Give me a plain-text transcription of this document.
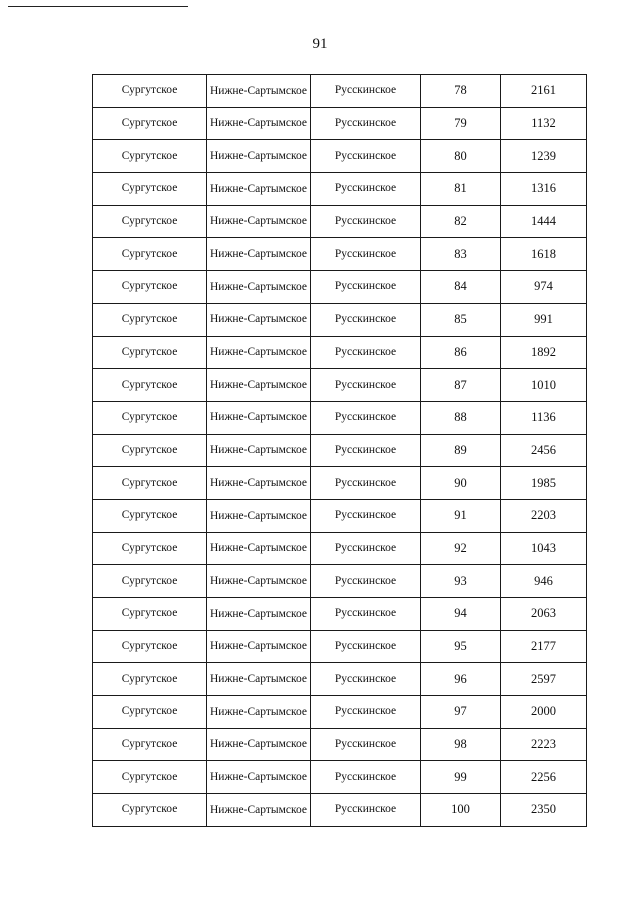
91
Сургутское	Нижне-Сартымское	Русскинское	78	2161
Сургутское	Нижне-Сартымское	Русскинское	79	1132
Сургутское	Нижне-Сартымское	Русскинское	80	1239
Сургутское	Нижне-Сартымское	Русскинское	81	1316
Сургутское	Нижне-Сартымское	Русскинское	82	1444
Сургутское	Нижне-Сартымское	Русскинское	83	1618
Сургутское	Нижне-Сартымское	Русскинское	84	974
Сургутское	Нижне-Сартымское	Русскинское	85	991
Сургутское	Нижне-Сартымское	Русскинское	86	1892
Сургутское	Нижне-Сартымское	Русскинское	87	1010
Сургутское	Нижне-Сартымское	Русскинское	88	1136
Сургутское	Нижне-Сартымское	Русскинское	89	2456
Сургутское	Нижне-Сартымское	Русскинское	90	1985
Сургутское	Нижне-Сартымское	Русскинское	91	2203
Сургутское	Нижне-Сартымское	Русскинское	92	1043
Сургутское	Нижне-Сартымское	Русскинское	93	946
Сургутское	Нижне-Сартымское	Русскинское	94	2063
Сургутское	Нижне-Сартымское	Русскинское	95	2177
Сургутское	Нижне-Сартымское	Русскинское	96	2597
Сургутское	Нижне-Сартымское	Русскинское	97	2000
Сургутское	Нижне-Сартымское	Русскинское	98	2223
Сургутское	Нижне-Сартымское	Русскинское	99	2256
Сургутское	Нижне-Сартымское	Русскинское	100	2350
